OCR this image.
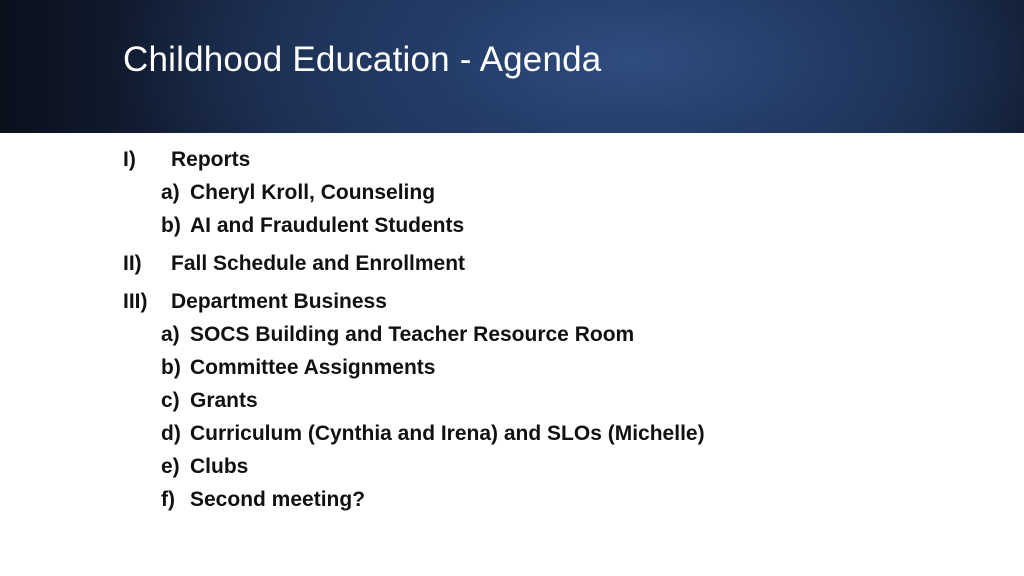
Childhood Education - Agenda
I) Reports
a) Cheryl Kroll, Counseling
b) AI and Fraudulent Students
II) Fall Schedule and Enrollment
III) Department Business
a) SOCS Building and Teacher Resource Room
b) Committee Assignments
c) Grants
d) Curriculum (Cynthia and Irena) and SLOs (Michelle)
e) Clubs
f) Second meeting?
